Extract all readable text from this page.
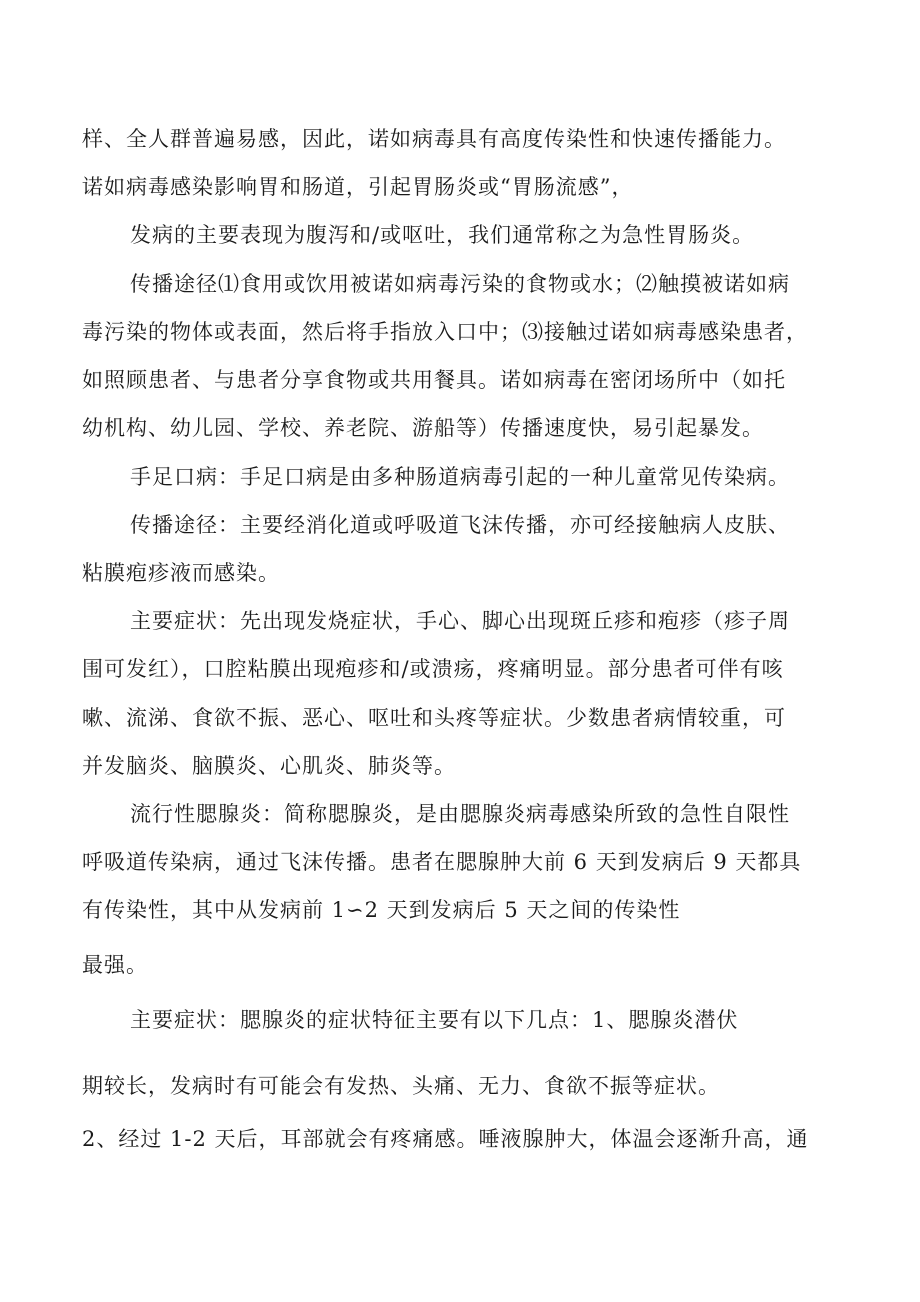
样、全人群普遍易感，因此，诺如病毒具有高度传染性和快速传播能力。
诺如病毒感染影响胃和肠道，引起胃肠炎或“胃肠流感”，
发病的主要表现为腹泻和/或呕吐，我们通常称之为急性胃肠炎。
传播途径⑴食用或饮用被诺如病毒污染的食物或水；⑵触摸被诺如病
毒污染的物体或表面，然后将手指放入口中；⑶接触过诺如病毒感染患者，
如照顾患者、与患者分享食物或共用餐具。诺如病毒在密闭场所中（如托
幼机构、幼儿园、学校、养老院、游船等）传播速度快，易引起暴发。
手足口病：手足口病是由多种肠道病毒引起的一种儿童常见传染病。
传播途径：主要经消化道或呼吸道飞沫传播，亦可经接触病人皮肤、
粘膜疱疹液而感染。
主要症状：先出现发烧症状，手心、脚心出现斑丘疹和疱疹（疹子周
围可发红），口腔粘膜出现疱疹和/或溃疡，疼痛明显。部分患者可伴有咳
嗽、流涕、食欲不振、恶心、呕吐和头疼等症状。少数患者病情较重，可
并发脑炎、脑膜炎、心肌炎、肺炎等。
流行性腮腺炎：简称腮腺炎，是由腮腺炎病毒感染所致的急性自限性
呼吸道传染病，通过飞沫传播。患者在腮腺肿大前 6 天到发病后 9 天都具
有传染性，其中从发病前 1∽2 天到发病后 5 天之间的传染性
最强。
主要症状：腮腺炎的症状特征主要有以下几点：1、腮腺炎潜伏
期较长，发病时有可能会有发热、头痛、无力、食欲不振等症状。
2、经过 1-2 天后，耳部就会有疼痛感。唾液腺肿大，体温会逐渐升高，通
